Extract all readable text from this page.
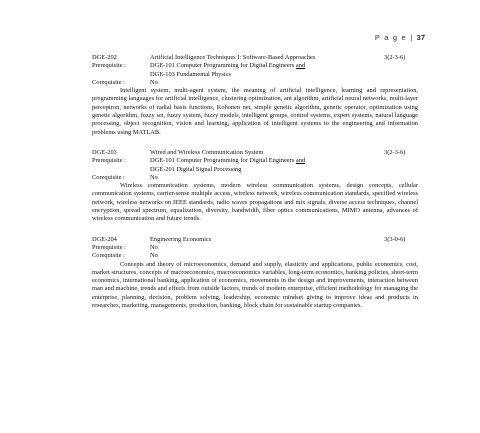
P a g e | 37
DGE-202	Artificial Intelligence Techniques I: Software-Based Approaches	3(2-3-6)
Prerequisite :	DGE-101 Computer Programming for Digital Engineers and
DGE-103 Fundamental Physics
Corequisite :	No

Intelligent system, multi-agent system, the meaning of artificial intelligence, learning and representation, programming languages for artificial intelligence, clustering optimization, ant algorithm, artificial neural networks, multi-layer perceptron, networks of radial basis functions, Kohonen net, simple genetic algorithm, genetic operator, optimization using genetic algorithm, fuzzy set, fuzzy system, fuzzy models, intelligent groups, control systems, expert systems, natural language processing, object recognition, vision and learning, application of intelligent systems to the engineering and information problems using MATLAB.

DGE-203	Wired and Wireless Communication System	3(2-3-6)
Prerequisite :	DGE-101 Computer Programming for Digital Engineers and
DGE-201 Digital Signal Processing
Corequisite :	No

Wireless communication systems, modern wireless communication systems, design concepts, cellular communication systems, carrier-sense multiple access, wireless network, wireless communication standards, specified wireless network, wireless networks on IEEE standards, radio waves propagations and mix signals, diverse access techniques, channel encryption, spread spectrum, equalization, diversity, bandwidth, fiber optics communications, MIMO antenna, advances of wireless communication and future trends.

DGE-204	Engineering Economics	3(3-0-6)
Prerequisite :	No
Corequisite :	No

Concepts and theory of microeconomics, demand and supply, elasticity and applications, public economics, cost, market structures, concepts of macroeconomics, macroeconomics variables, long-term economics, banking policies, short-term economics, international banking, application of economics, movements in the design and improvements, interaction between man and machine, trends and effects from outside factors, trends of modern enterprise, efficient methodology for managing the enterprise, planning, decision, problem solving, leadership, economic mindset giving to improve ideas and products in researches, marketing, managements, production, banking, block chain for sustainable startup companies.
